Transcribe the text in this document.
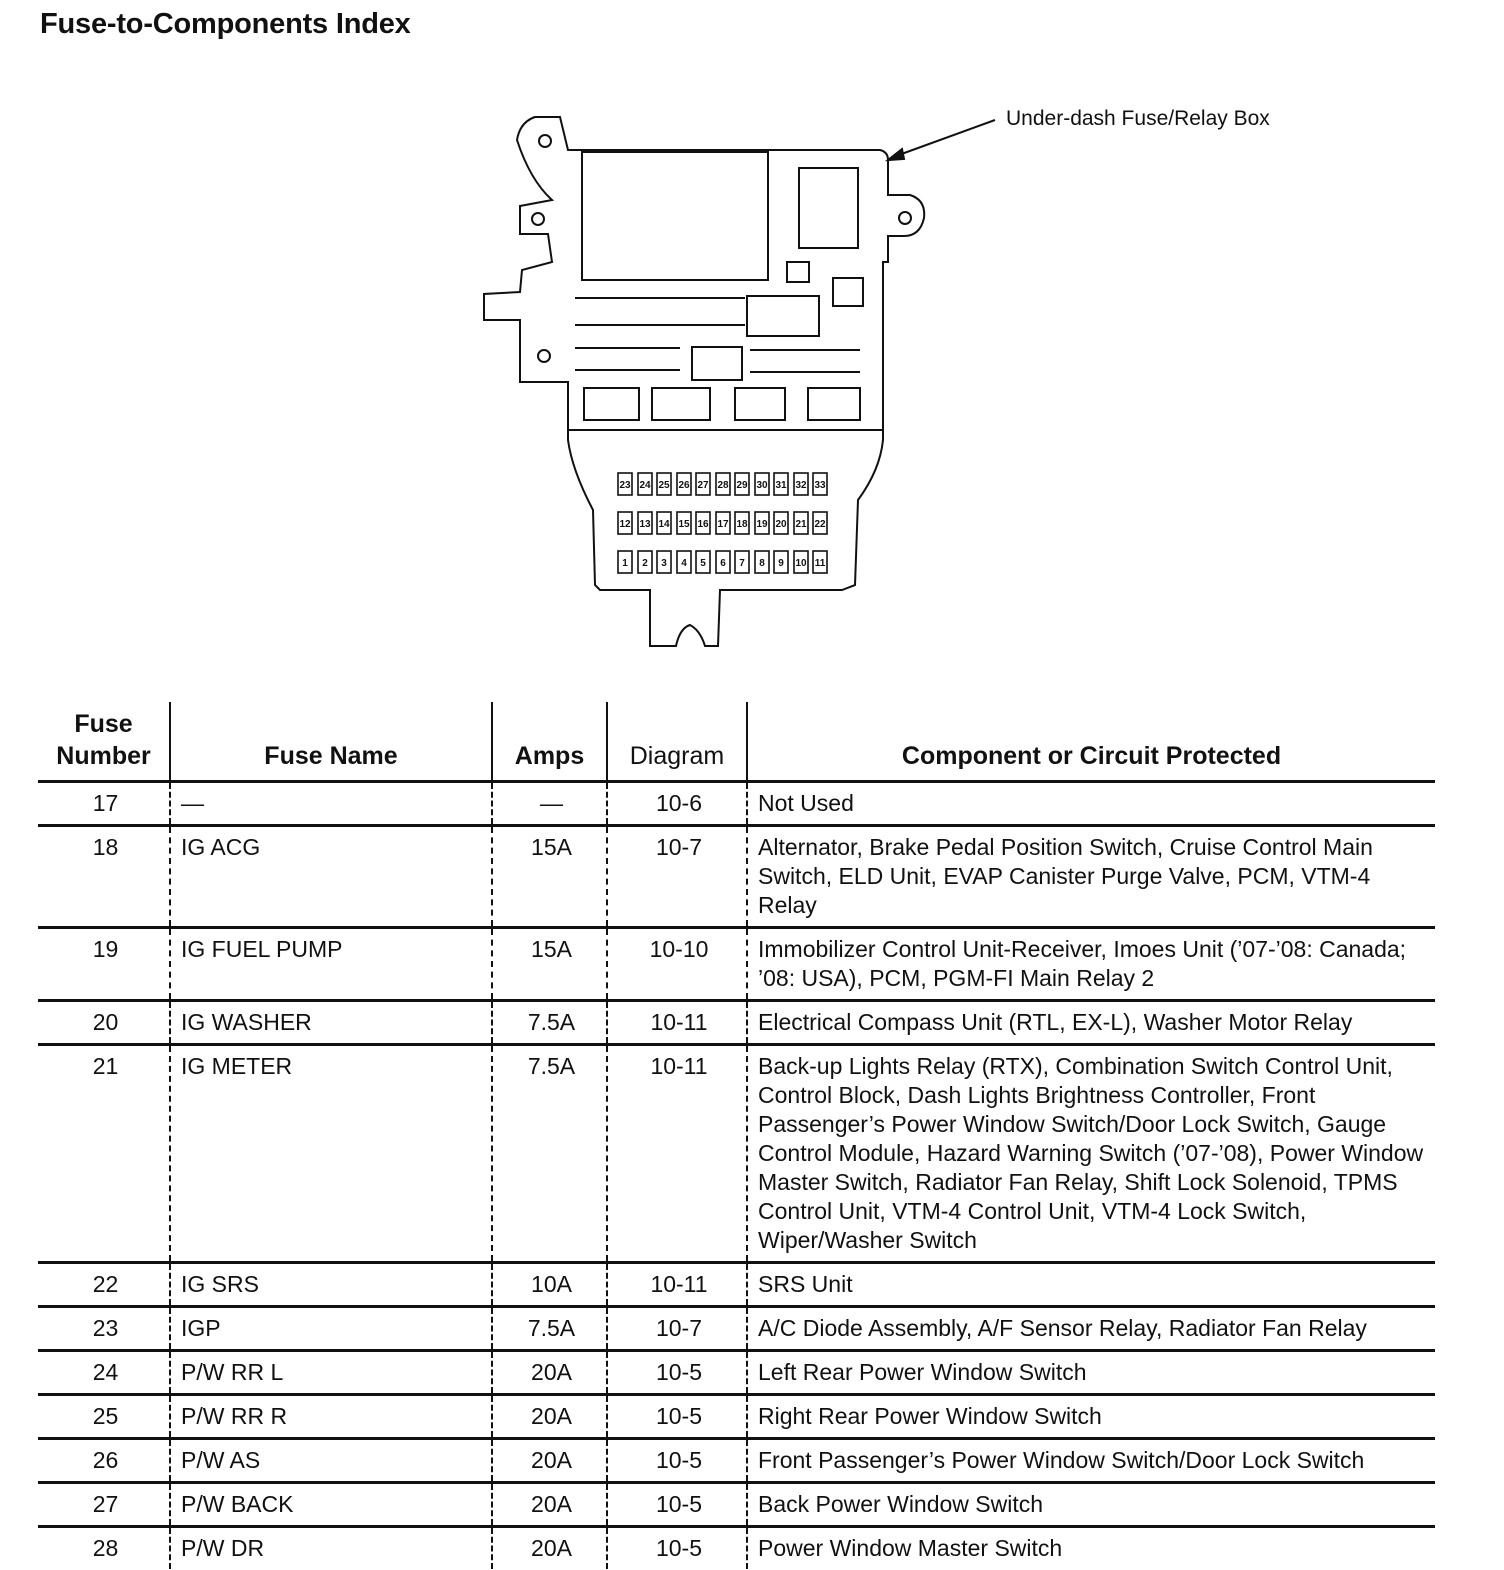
Fuse-to-Components Index
23 24 25 26 27 28 29 30 31 32 33
12 13 14 15 16 17 18 19 20 21 22
1 2 3 4 5 6 7 8 9 10 11
Under-dash Fuse/Relay Box
Fuse Number	Fuse Name	Amps	Diagram	Component or Circuit Protected
17	—	—	10-6	Not Used
18	IG ACG	15A	10-7	Alternator, Brake Pedal Position Switch, Cruise Control Main Switch, ELD Unit, EVAP Canister Purge Valve, PCM, VTM-4 Relay
19	IG FUEL PUMP	15A	10-10	Immobilizer Control Unit-Receiver, Imoes Unit (’07-’08: Canada; ’08: USA), PCM, PGM-FI Main Relay 2
20	IG WASHER	7.5A	10-11	Electrical Compass Unit (RTL, EX-L), Washer Motor Relay
21	IG METER	7.5A	10-11	Back-up Lights Relay (RTX), Combination Switch Control Unit, Control Block, Dash Lights Brightness Controller, Front Passenger’s Power Window Switch/Door Lock Switch, Gauge Control Module, Hazard Warning Switch (’07-’08), Power Window Master Switch, Radiator Fan Relay, Shift Lock Solenoid, TPMS Control Unit, VTM-4 Control Unit, VTM-4 Lock Switch, Wiper/Washer Switch
22	IG SRS	10A	10-11	SRS Unit
23	IGP	7.5A	10-7	A/C Diode Assembly, A/F Sensor Relay, Radiator Fan Relay
24	P/W RR L	20A	10-5	Left Rear Power Window Switch
25	P/W RR R	20A	10-5	Right Rear Power Window Switch
26	P/W AS	20A	10-5	Front Passenger’s Power Window Switch/Door Lock Switch
27	P/W BACK	20A	10-5	Back Power Window Switch
28	P/W DR	20A	10-5	Power Window Master Switch
